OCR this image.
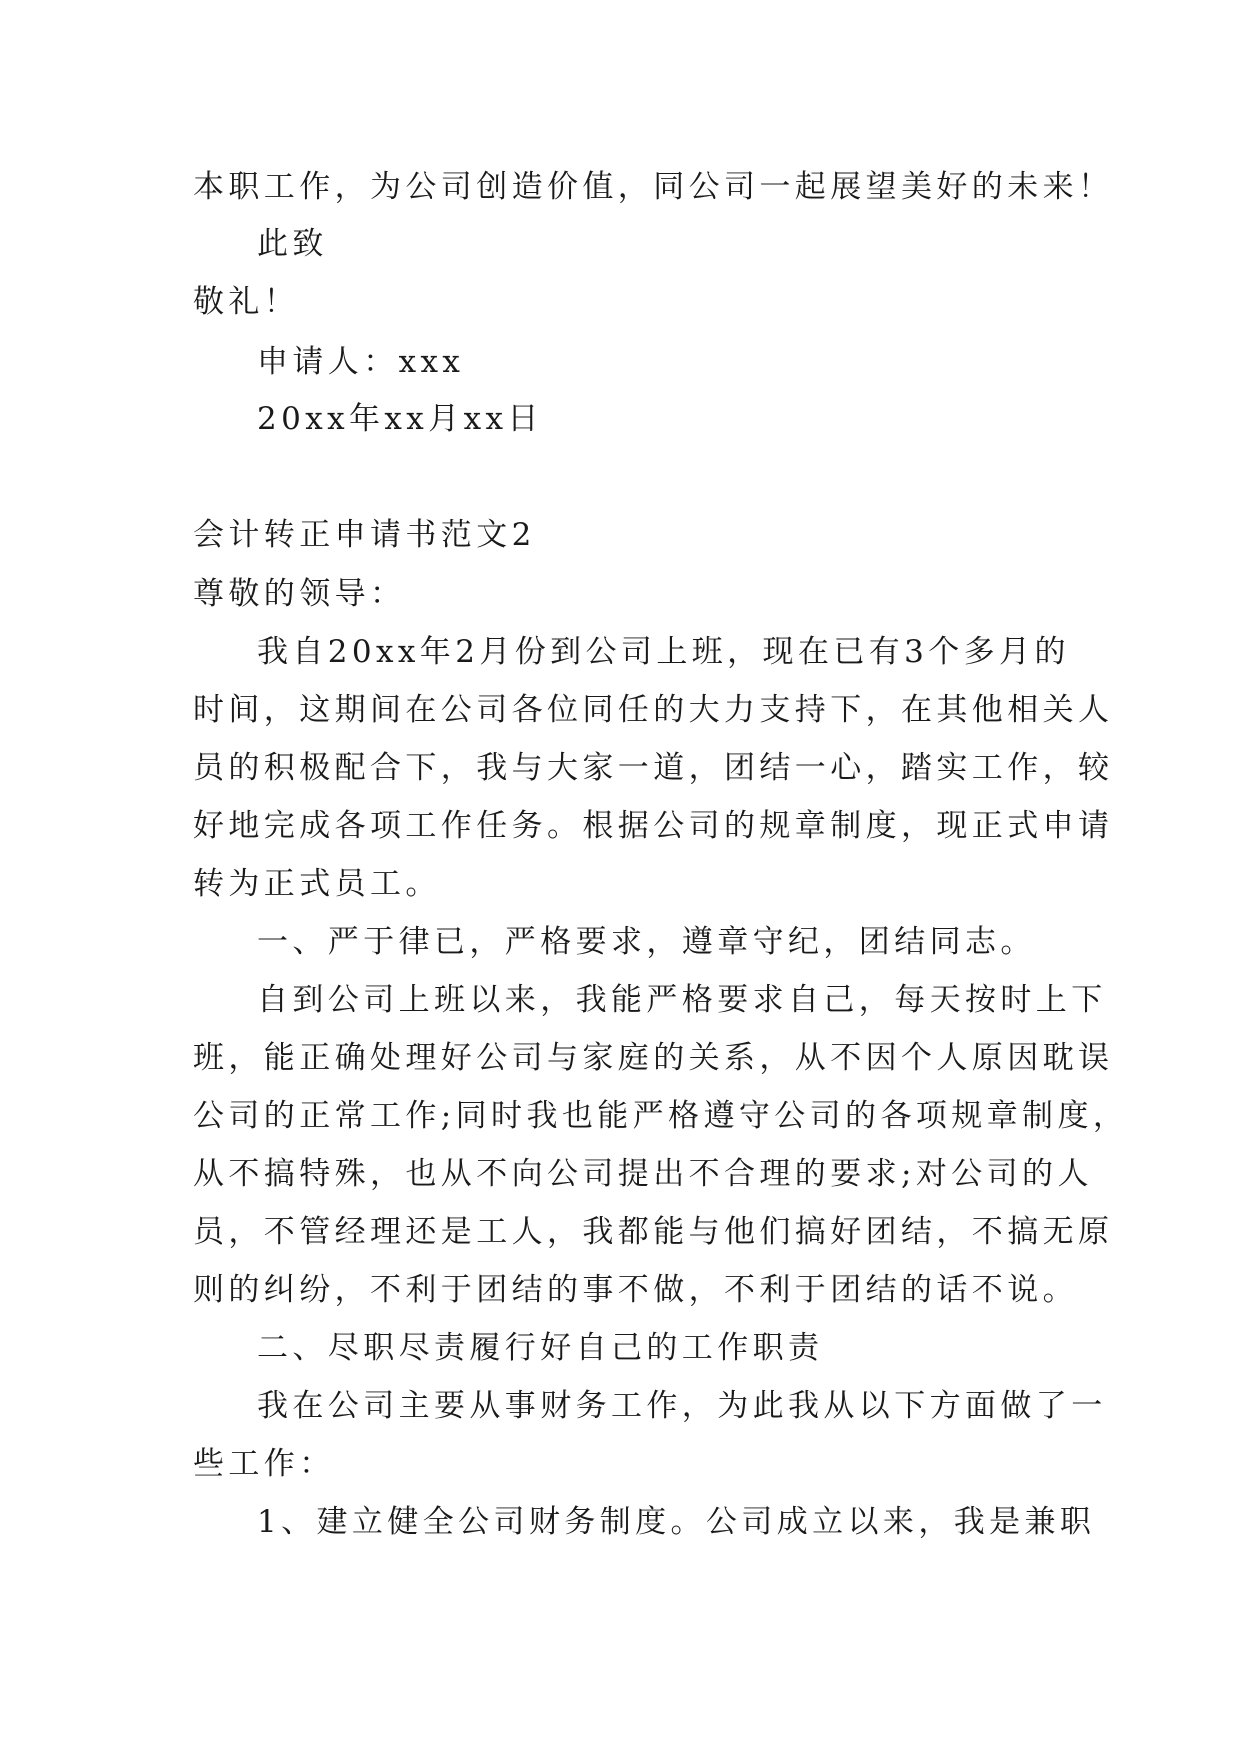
本职工作，为公司创造价值，同公司一起展望美好的未来！
此致
敬礼！
申请人：xxx
20xx年xx月xx日
会计转正申请书范文2
尊敬的领导：
我自20xx年2月份到公司上班，现在已有3个多月的
时间，这期间在公司各位同任的大力支持下，在其他相关人
员的积极配合下，我与大家一道，团结一心，踏实工作，较
好地完成各项工作任务。根据公司的规章制度，现正式申请
转为正式员工。
一、严于律已，严格要求，遵章守纪，团结同志。
自到公司上班以来，我能严格要求自己，每天按时上下
班，能正确处理好公司与家庭的关系，从不因个人原因耽误
公司的正常工作;同时我也能严格遵守公司的各项规章制度，
从不搞特殊，也从不向公司提出不合理的要求;对公司的人
员，不管经理还是工人，我都能与他们搞好团结，不搞无原
则的纠纷，不利于团结的事不做，不利于团结的话不说。
二、尽职尽责履行好自己的工作职责
我在公司主要从事财务工作，为此我从以下方面做了一
些工作：
1、建立健全公司财务制度。公司成立以来，我是兼职
